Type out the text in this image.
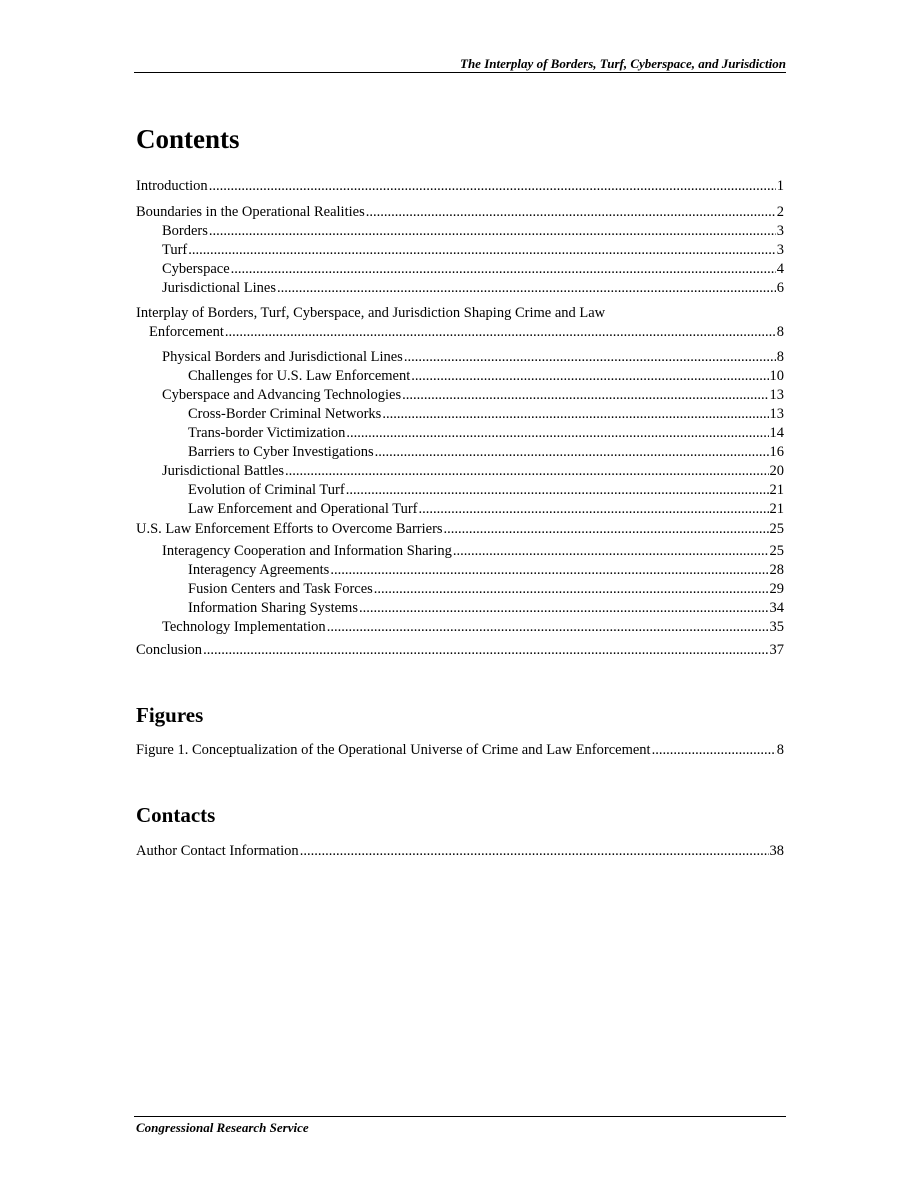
The Interplay of Borders, Turf, Cyberspace, and Jurisdiction
Contents
Introduction .....	1
Boundaries in the Operational Realities .....	2
Borders .....	3
Turf .....	3
Cyberspace .....	4
Jurisdictional Lines .....	6
Interplay of Borders, Turf, Cyberspace, and Jurisdiction Shaping Crime and Law
Enforcement .....	8
Physical Borders and Jurisdictional Lines .....	8
Challenges for U.S. Law Enforcement .....	10
Cyberspace and Advancing Technologies .....	13
Cross-Border Criminal Networks .....	13
Trans-border Victimization .....	14
Barriers to Cyber Investigations .....	16
Jurisdictional Battles .....	20
Evolution of Criminal Turf .....	21
Law Enforcement and Operational Turf .....	21
U.S. Law Enforcement Efforts to Overcome Barriers .....	25
Interagency Cooperation and Information Sharing .....	25
Interagency Agreements .....	28
Fusion Centers and Task Forces .....	29
Information Sharing Systems .....	34
Technology Implementation .....	35
Conclusion .....	37
Figures
Figure 1. Conceptualization of the Operational Universe of Crime and Law Enforcement .....	8
Contacts
Author Contact Information .....	38
Congressional Research Service
